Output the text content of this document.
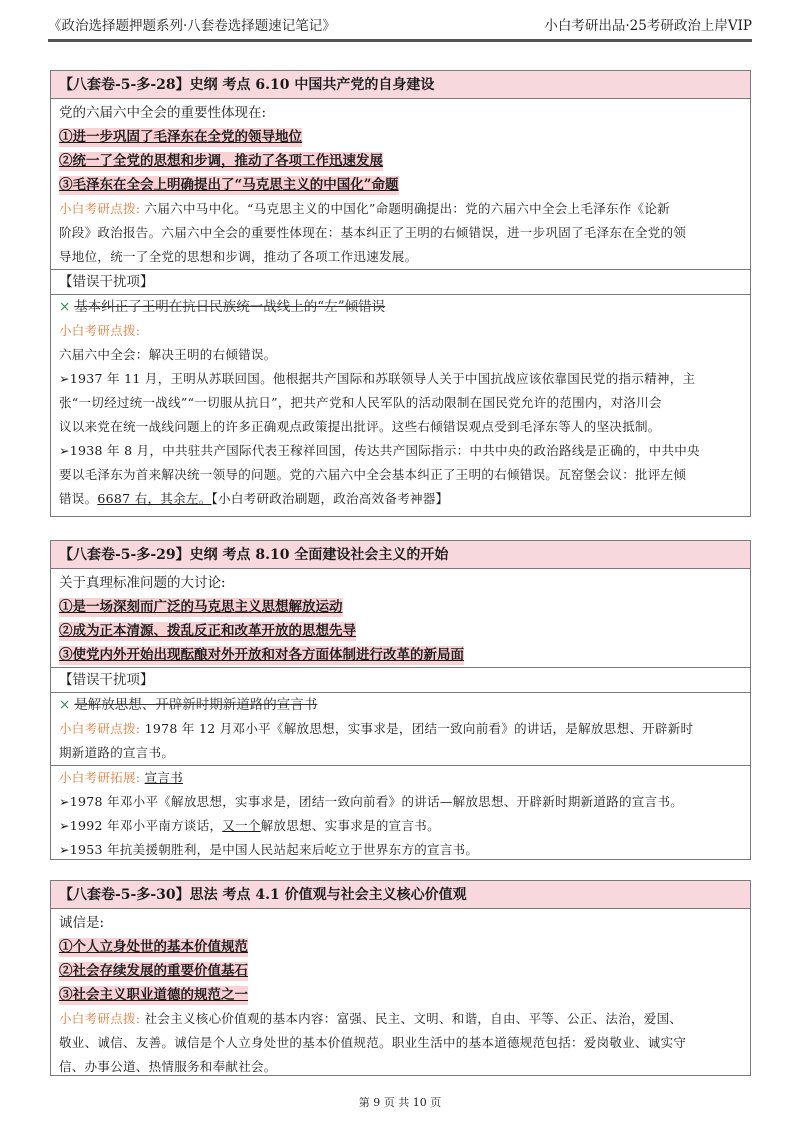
《政治选择题押题系列·八套卷选择题速记笔记》	小白考研出品·25考研政治上岸VIP
【八套卷-5-多-28】史纲 考点 6.10 中国共产党的自身建设
党的六届六中全会的重要性体现在:
①进一步巩固了毛泽东在全党的领导地位
②统一了全党的思想和步调，推动了各项工作迅速发展
③毛泽东在全会上明确提出了“马克思主义的中国化”命题
小白考研点拨: 六届六中马中化。“马克思主义的中国化”命题明确提出：党的六届六中全会上毛泽东作《论新
阶段》政治报告。六届六中全会的重要性体现在：基本纠正了王明的右倾错误，进一步巩固了毛泽东在全党的领
导地位，统一了全党的思想和步调，推动了各项工作迅速发展。
【错误干扰项】
× 基本纠正了王明在抗日民族统一战线上的“左”倾错误
小白考研点拨:
六届六中全会：解决王明的右倾错误。
➢1937 年 11 月，王明从苏联回国。他根据共产国际和苏联领导人关于中国抗战应该依靠国民党的指示精神，主
张“一切经过统一战线”“一切服从抗日”，把共产党和人民军队的活动限制在国民党允许的范围内，对洛川会
议以来党在统一战线问题上的许多正确观点政策提出批评。这些右倾错误观点受到毛泽东等人的坚决抵制。
➢1938 年 8 月，中共驻共产国际代表王稼祥回国，传达共产国际指示：中共中央的政治路线是正确的，中共中央
要以毛泽东为首来解决统一领导的问题。党的六届六中全会基本纠正了王明的右倾错误。瓦窑堡会议：批评左倾
错误。6687 右，其余左。【小白考研政治刷题，政治高效备考神器】
【八套卷-5-多-29】史纲 考点 8.10 全面建设社会主义的开始
关于真理标准问题的大讨论:
①是一场深刻而广泛的马克思主义思想解放运动
②成为正本清源、拨乱反正和改革开放的思想先导
③使党内外开始出现酝酿对外开放和对各方面体制进行改革的新局面
【错误干扰项】
× 是解放思想、开辟新时期新道路的宣言书
小白考研点拨: 1978 年 12 月邓小平《解放思想，实事求是，团结一致向前看》的讲话，是解放思想、开辟新时
期新道路的宣言书。
小白考研拓展: 宣言书
➢1978 年邓小平《解放思想，实事求是，团结一致向前看》的讲话—解放思想、开辟新时期新道路的宣言书。
➢1992 年邓小平南方谈话，又一个解放思想、实事求是的宣言书。
➢1953 年抗美援朝胜利，是中国人民站起来后屹立于世界东方的宣言书。
【八套卷-5-多-30】思法 考点 4.1 价值观与社会主义核心价值观
诚信是:
①个人立身处世的基本价值规范
②社会存续发展的重要价值基石
③社会主义职业道德的规范之一
小白考研点拨: 社会主义核心价值观的基本内容：富强、民主、文明、和谐，自由、平等、公正、法治，爱国、
敬业、诚信、友善。诚信是个人立身处世的基本价值规范。职业生活中的基本道德规范包括：爱岗敬业、诚实守
信、办事公道、热情服务和奉献社会。
第 9 页 共 10 页
